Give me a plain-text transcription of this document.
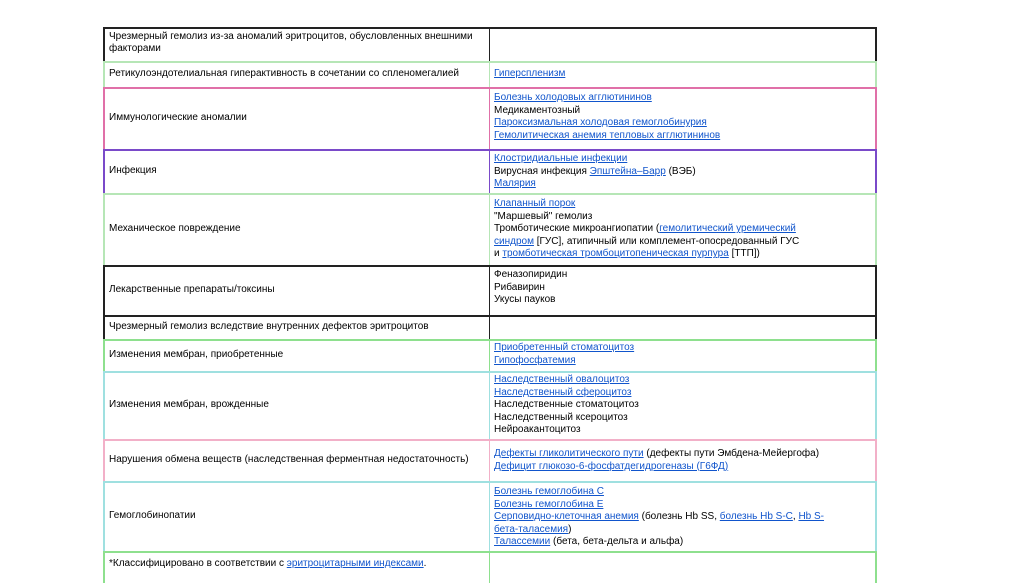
Чрезмерный гемолиз из-за аномалий эритроцитов, обусловленных внешними факторами
Ретикулоэндотелиальная гиперактивность в сочетании со спленомегалией	Гиперспленизм
Иммунологические аномалии
Болезнь холодовых агглютининов
Медикаментозный
Пароксизмальная холодовая гемоглобинурия
Гемолитическая анемия тепловых агглютининов
Инфекция
Клостридиальные инфекции
Вирусная инфекция Эпштейна–Барр (ВЭБ)
Малярия
Механическое повреждение
Клапанный порок
"Маршевый" гемолиз
Тромботические микроангиопатии (гемолитический уремический
синдром [ГУС], атипичный или комплемент-опосредованный ГУС
и тромботическая тромбоцитопеническая пурпура [ТТП])
Лекарственные препараты/токсины
Феназопиридин
Рибавирин
Укусы пауков
Чрезмерный гемолиз вследствие внутренних дефектов эритроцитов
Изменения мембран, приобретенные
Приобретенный стоматоцитоз
Гипофосфатемия
Изменения мембран, врожденные
Наследственный овалоцитоз
Наследственный сфероцитоз
Наследственные стоматоцитоз
Наследственный ксероцитоз
Нейроакантоцитоз
Нарушения обмена веществ (наследственная ферментная недостаточность)
Дефекты гликолитического пути (дефекты пути Эмбдена-Мейергофа)
Дефицит глюкозо-6-фосфатдегидрогеназы (Г6ФД)
Гемоглобинопатии
Болезнь гемоглобина С
Болезнь гемоглобина Е
Серповидно-клеточная анемия (болезнь Hb SS, болезнь Hb S-C, Hb S-
бета-таласемия)
Таласcемии (бета, бета-дельта и альфа)
*Классифицировано в соответствии с эритроцитарными индексами .
